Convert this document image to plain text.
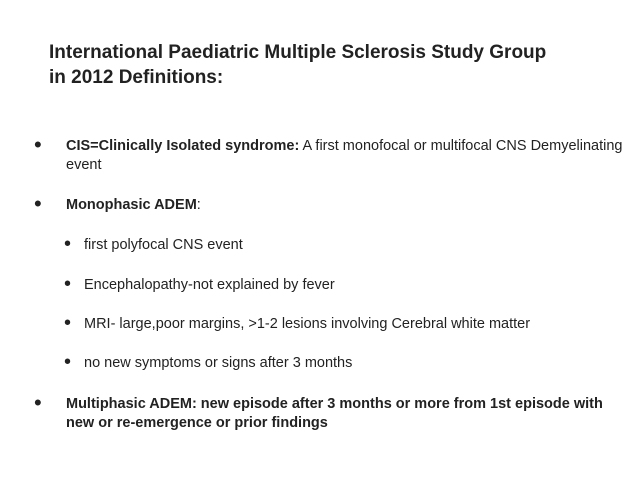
International Paediatric Multiple Sclerosis Study Group
in 2012 Definitions:
• CIS=Clinically Isolated syndrome: A first monofocal or multifocal CNS Demyelinating event
• Monophasic ADEM:
• first polyfocal CNS event
• Encephalopathy-not explained by fever
• MRI- large,poor margins, >1-2 lesions involving Cerebral white matter
• no new symptoms or signs after 3 months
• Multiphasic ADEM: new episode after 3 months or more from 1st episode with new or re-emergence or prior findings
